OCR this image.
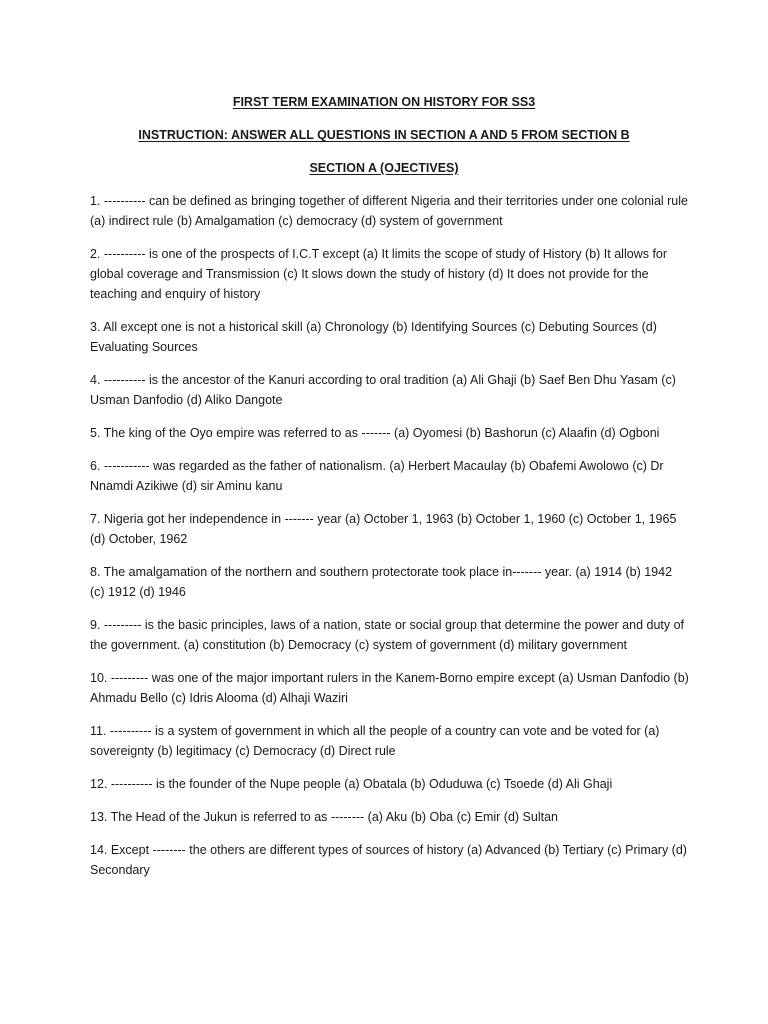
FIRST TERM EXAMINATION ON HISTORY FOR SS3

INSTRUCTION: ANSWER ALL QUESTIONS IN SECTION A AND 5 FROM SECTION B

SECTION A (OJECTIVES)

1. ---------- can be defined as bringing together of different Nigeria and their territories under one colonial rule (a) indirect rule (b) Amalgamation (c) democracy (d) system of government
2. ---------- is one of the prospects of I.C.T except (a) It limits the scope of study of History (b) It allows for global coverage and Transmission (c) It slows down the study of history (d) It does not provide for the teaching and enquiry of history
3. All except one is not a historical skill (a) Chronology (b) Identifying Sources (c) Debuting Sources (d) Evaluating Sources
4. ---------- is the ancestor of the Kanuri according to oral tradition (a) Ali Ghaji (b) Saef Ben Dhu Yasam (c) Usman Danfodio (d) Aliko Dangote
5. The king of the Oyo empire was referred to as ------- (a) Oyomesi (b) Bashorun (c) Alaafin (d) Ogboni
6. ----------- was regarded as the father of nationalism. (a) Herbert Macaulay (b) Obafemi Awolowo (c) Dr Nnamdi Azikiwe (d) sir Aminu kanu
7. Nigeria got her independence in ------- year (a) October 1, 1963 (b) October 1, 1960 (c) October 1, 1965 (d) October, 1962
8. The amalgamation of the northern and southern protectorate took place in------- year. (a) 1914 (b) 1942 (c) 1912 (d) 1946
9. --------- is the basic principles, laws of a nation, state or social group that determine the power and duty of the government. (a) constitution (b) Democracy (c) system of government (d) military government
10. --------- was one of the major important rulers in the Kanem-Borno empire except (a) Usman Danfodio (b) Ahmadu Bello (c) Idris Alooma (d) Alhaji Waziri
11. ---------- is a system of government in which all the people of a country can vote and be voted for (a) sovereignty (b) legitimacy (c) Democracy (d) Direct rule
12. ---------- is the founder of the Nupe people (a) Obatala (b) Oduduwa (c) Tsoede (d) Ali Ghaji
13. The Head of the Jukun is referred to as -------- (a) Aku (b) Oba (c) Emir (d) Sultan
14. Except -------- the others are different types of sources of history (a) Advanced (b) Tertiary (c) Primary (d) Secondary
